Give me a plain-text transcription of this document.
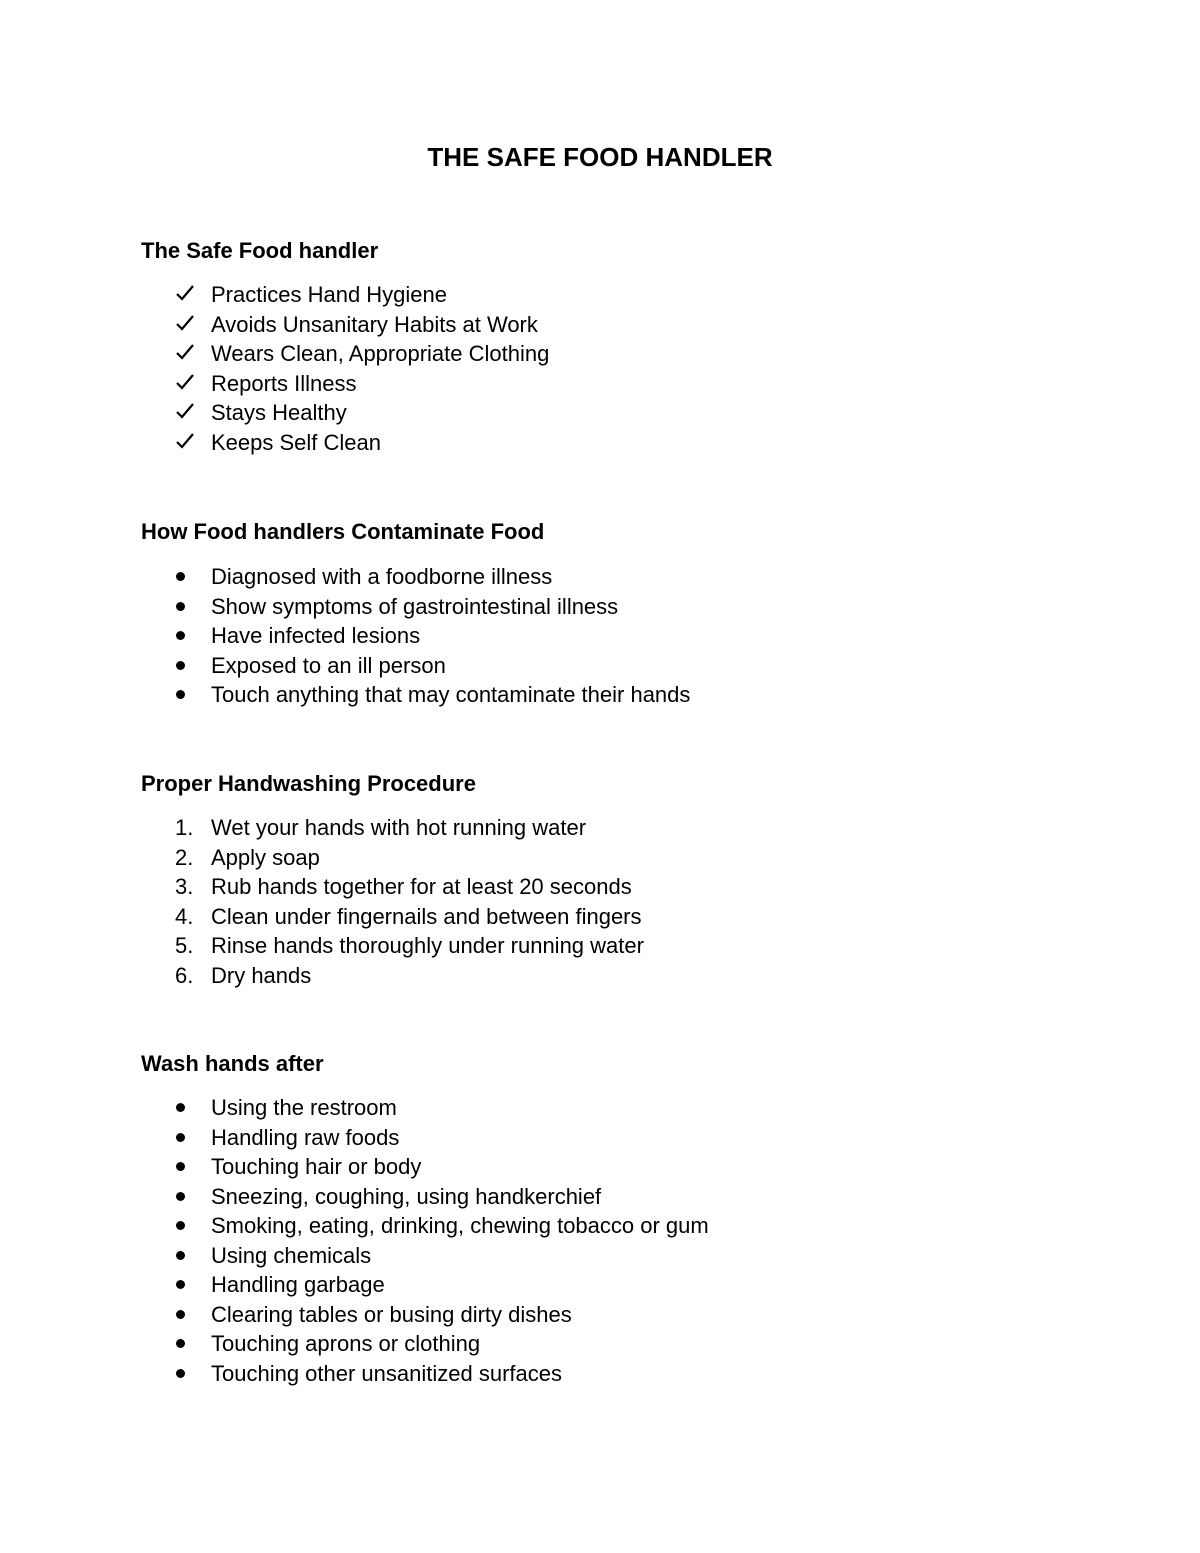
THE SAFE FOOD HANDLER
The Safe Food handler
Practices Hand Hygiene
Avoids Unsanitary Habits at Work
Wears Clean, Appropriate Clothing
Reports Illness
Stays Healthy
Keeps Self Clean
How Food handlers Contaminate Food
Diagnosed with a foodborne illness
Show symptoms of gastrointestinal illness
Have infected lesions
Exposed to an ill person
Touch anything that may contaminate their hands
Proper Handwashing Procedure
1. Wet your hands with hot running water
2. Apply soap
3. Rub hands together for at least 20 seconds
4. Clean under fingernails and between fingers
5. Rinse hands thoroughly under running water
6. Dry hands
Wash hands after
Using the restroom
Handling raw foods
Touching hair or body
Sneezing, coughing, using handkerchief
Smoking, eating, drinking, chewing tobacco or gum
Using chemicals
Handling garbage
Clearing tables or busing dirty dishes
Touching aprons or clothing
Touching other unsanitized surfaces
